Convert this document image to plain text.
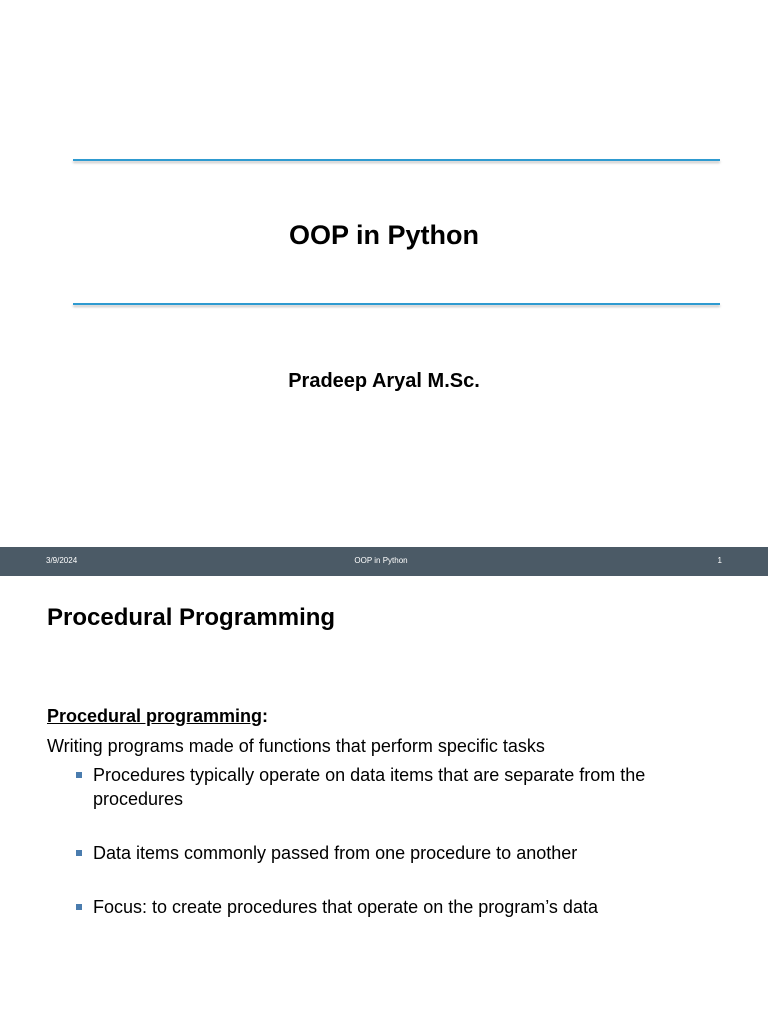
OOP in Python
Pradeep Aryal M.Sc.
3/9/2024	OOP in Python	1
Procedural Programming
Procedural programming:
Writing programs made of functions that perform specific tasks
Procedures typically operate on data items that are separate from the procedures
Data items commonly passed from one procedure to another
Focus: to create procedures that operate on the program’s data
